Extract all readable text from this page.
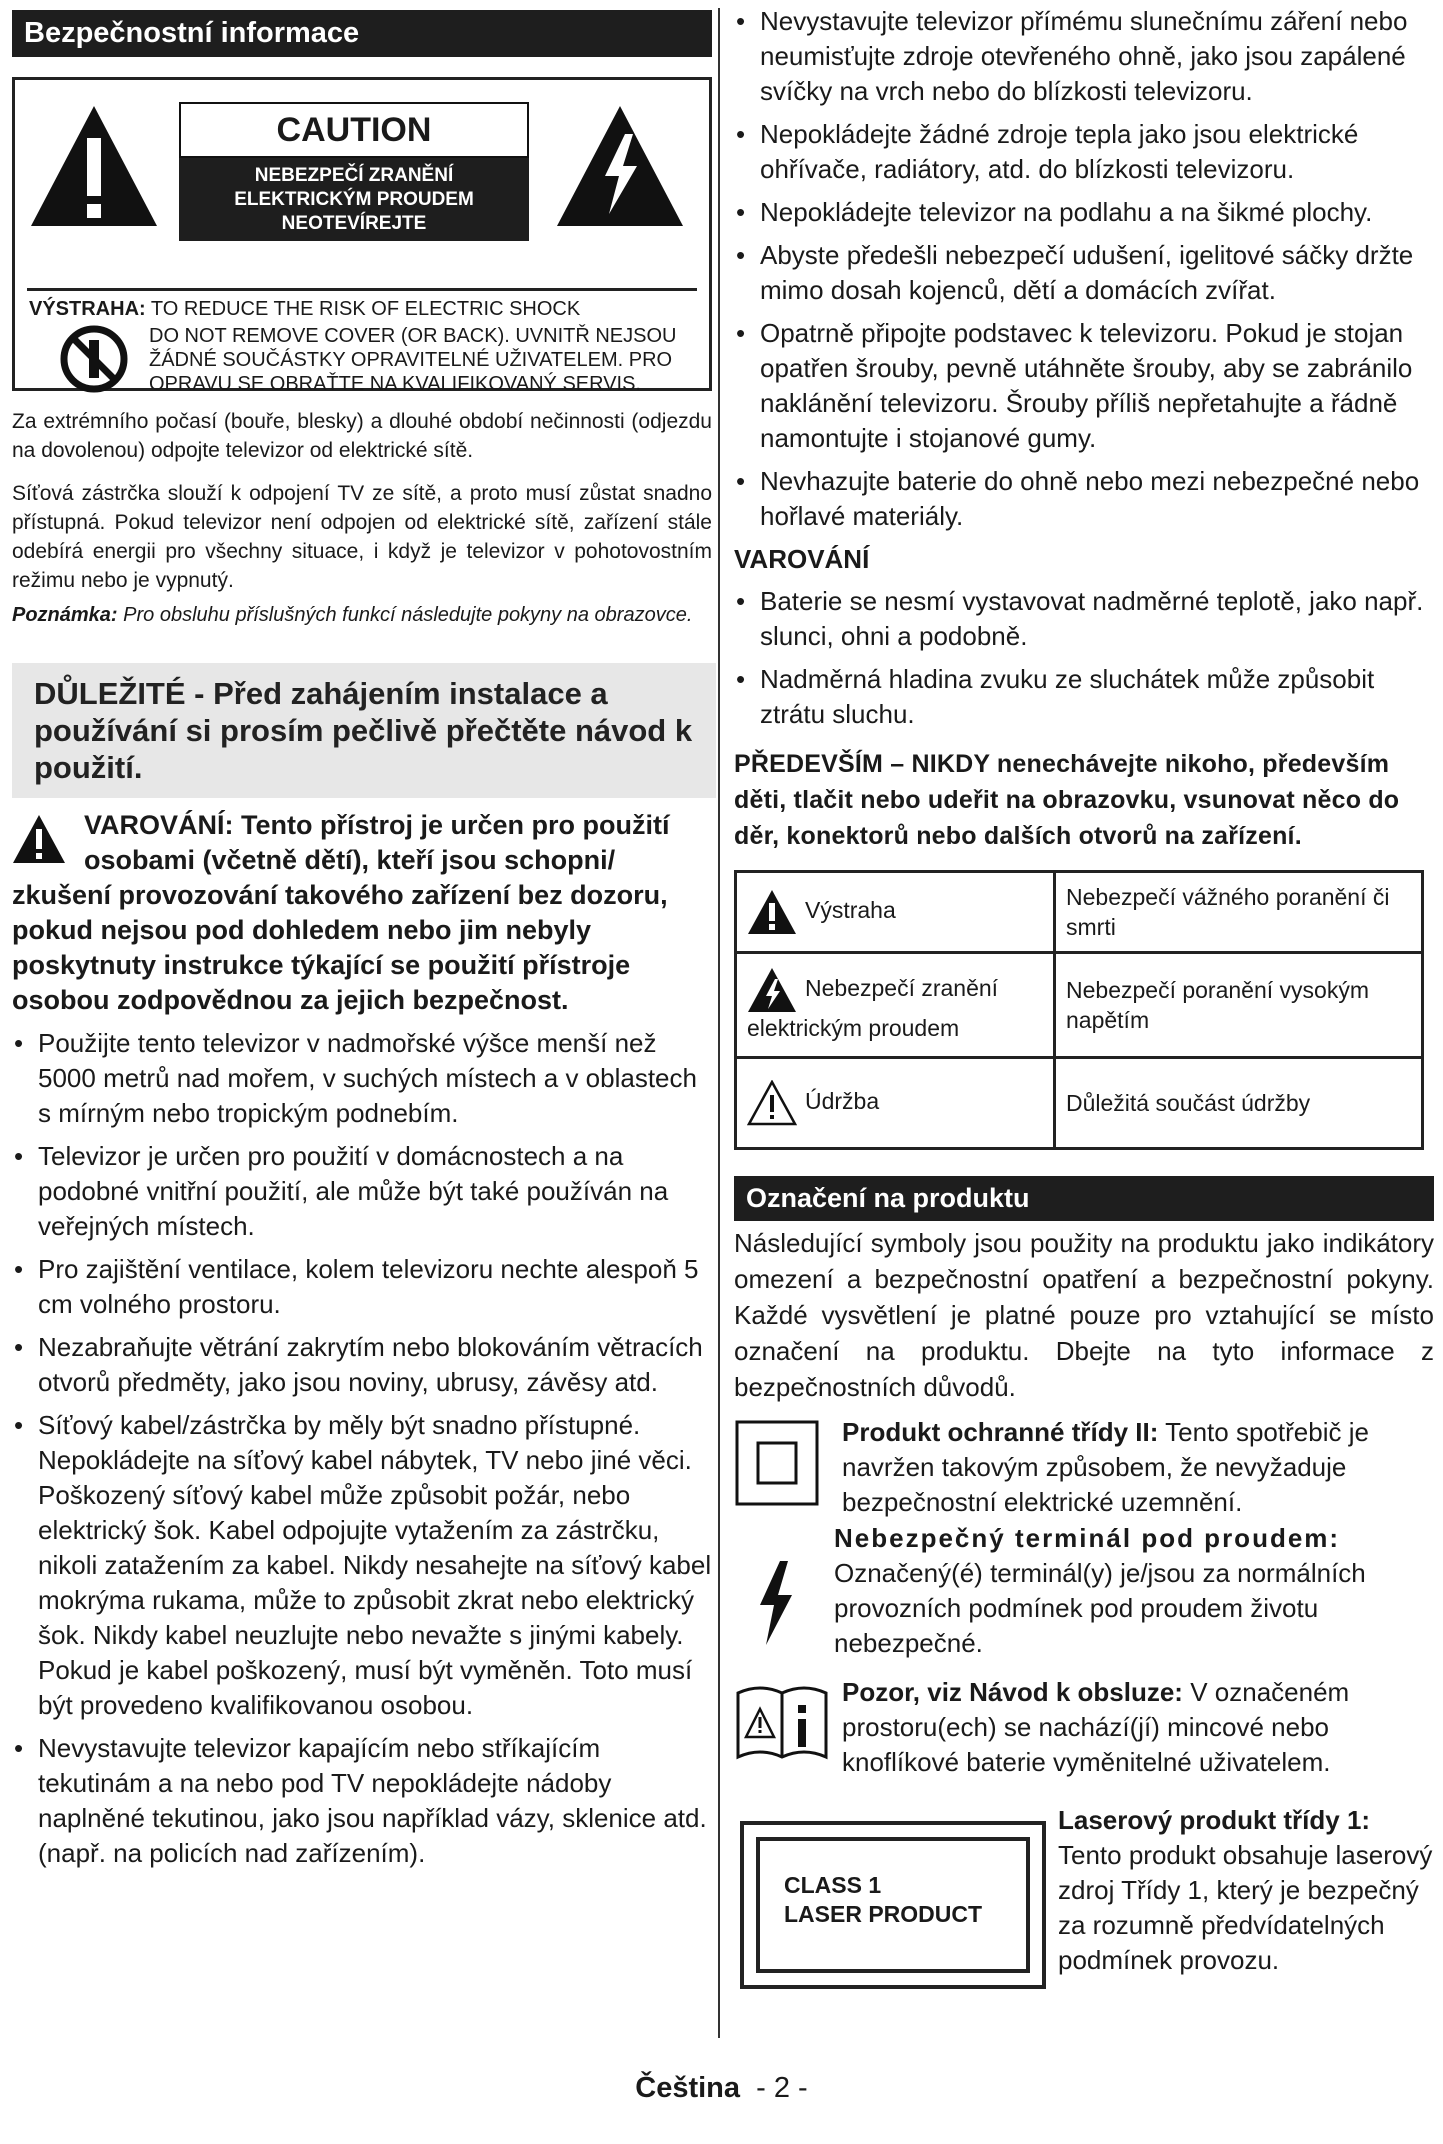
Bezpečnostní informace
CAUTION
NEBEZPEČÍ ZRANĚNÍ
ELEKTRICKÝM PROUDEM
NEOTEVÍREJTE
VÝSTRAHA: TO REDUCE THE RISK OF ELECTRIC SHOCK
DO NOT REMOVE COVER (OR BACK). UVNITŘ NEJSOU ŽÁDNÉ SOUČÁSTKY OPRAVITELNÉ UŽIVATELEM. PRO OPRAVU SE OBRAŤTE NA KVALIFIKOVANÝ SERVIS.

Za extrémního počasí (bouře, blesky) a dlouhé období nečinnosti (odjezdu na dovolenou) odpojte televizor od elektrické sítě.

Síťová zástrčka slouží k odpojení TV ze sítě, a proto musí zůstat snadno přístupná. Pokud televizor není odpojen od elektrické sítě, zařízení stále odebírá energii pro všechny situace, i když je televizor v pohotovostním režimu nebo je vypnutý.

Poznámka: Pro obsluhu příslušných funkcí následujte pokyny na obrazovce.
DŮLEŽITÉ - Před zahájením instalace a používání si prosím pečlivě přečtěte návod k použití.
VAROVÁNÍ: Tento přístroj je určen pro použití osobami (včetně dětí), kteří jsou schopni/
zkušení provozování takového zařízení bez dozoru, pokud nejsou pod dohledem nebo jim nebyly poskytnuty instrukce týkající se použití přístroje osobou zodpovědnou za jejich bezpečnost.
• Použijte tento televizor v nadmořské výšce menší než 5000 metrů nad mořem, v suchých místech a v oblastech s mírným nebo tropickým podnebím.
• Televizor je určen pro použití v domácnostech a na podobné vnitřní použití, ale může být také používán na veřejných místech.
• Pro zajištění ventilace, kolem televizoru nechte alespoň 5 cm volného prostoru.
• Nezabraňujte větrání zakrytím nebo blokováním větracích otvorů předměty, jako jsou noviny, ubrusy, závěsy atd.
• Síťový kabel/zástrčka by měly být snadno přístupné. Nepokládejte na síťový kabel nábytek, TV nebo jiné věci. Poškozený síťový kabel může způsobit požár, nebo elektrický šok. Kabel odpojujte vytažením za zástrčku, nikoli zatažením za kabel. Nikdy nesahejte na síťový kabel mokrýma rukama, může to způsobit zkrat nebo elektrický šok. Nikdy kabel neuzlujte nebo nevažte s jinými kabely. Pokud je kabel poškozený, musí být vyměněn. Toto musí být provedeno kvalifikovanou osobou.
• Nevystavujte televizor kapajícím nebo stříkajícím tekutinám a na nebo pod TV nepokládejte nádoby naplněné tekutinou, jako jsou například vázy, sklenice atd. (např. na policích nad zařízením).
• Nevystavujte televizor přímému slunečnímu záření nebo neumisťujte zdroje otevřeného ohně, jako jsou zapálené svíčky na vrch nebo do blízkosti televizoru.
• Nepokládejte žádné zdroje tepla jako jsou elektrické ohřívače, radiátory, atd. do blízkosti televizoru.
• Nepokládejte televizor na podlahu a na šikmé plochy.
• Abyste předešli nebezpečí udušení, igelitové sáčky držte mimo dosah kojenců, dětí a domácích zvířat.
• Opatrně připojte podstavec k televizoru. Pokud je stojan opatřen šrouby, pevně utáhněte šrouby, aby se zabránilo naklánění televizoru. Šrouby příliš nepřetahujte a řádně namontujte i stojanové gumy.
• Nevhazujte baterie do ohně nebo mezi nebezpečné nebo hořlavé materiály.
VAROVÁNÍ
• Baterie se nesmí vystavovat nadměrné teplotě, jako např. slunci, ohni a podobně.
• Nadměrná hladina zvuku ze sluchátek může způsobit ztrátu sluchu.
PŘEDEVŠÍM – NIKDY nenechávejte nikoho, především děti, tlačit nebo udeřit na obrazovku, vsunovat něco do děr, konektorů nebo dalších otvorů na zařízení.
Výstraha	Nebezpečí vážného poranění či smrti
Nebezpečí zranění elektrickým proudem	Nebezpečí poranění vysokým napětím
Údržba	Důležitá součást údržby
Označení na produktu
Následující symboly jsou použity na produktu jako indikátory omezení a bezpečnostní opatření a bezpečnostní pokyny. Každé vysvětlení je platné pouze pro vztahující se místo označení na produktu. Dbejte na tyto informace z bezpečnostních důvodů.
Produkt ochranné třídy II: Tento spotřebič je navržen takovým způsobem, že nevyžaduje bezpečnostní elektrické uzemnění.
Nebezpečný terminál pod proudem: Označený(é) terminál(y) je/jsou za normálních provozních podmínek pod proudem životu nebezpečné.
Pozor, viz Návod k obsluze: V označeném prostoru(ech) se nachází(jí) mincové nebo knoflíkové baterie vyměnitelné uživatelem.
CLASS 1
LASER PRODUCT
Laserový produkt třídy 1: Tento produkt obsahuje laserový zdroj Třídy 1, který je bezpečný za rozumně předvídatelných podmínek provozu.
Čeština - 2 -
